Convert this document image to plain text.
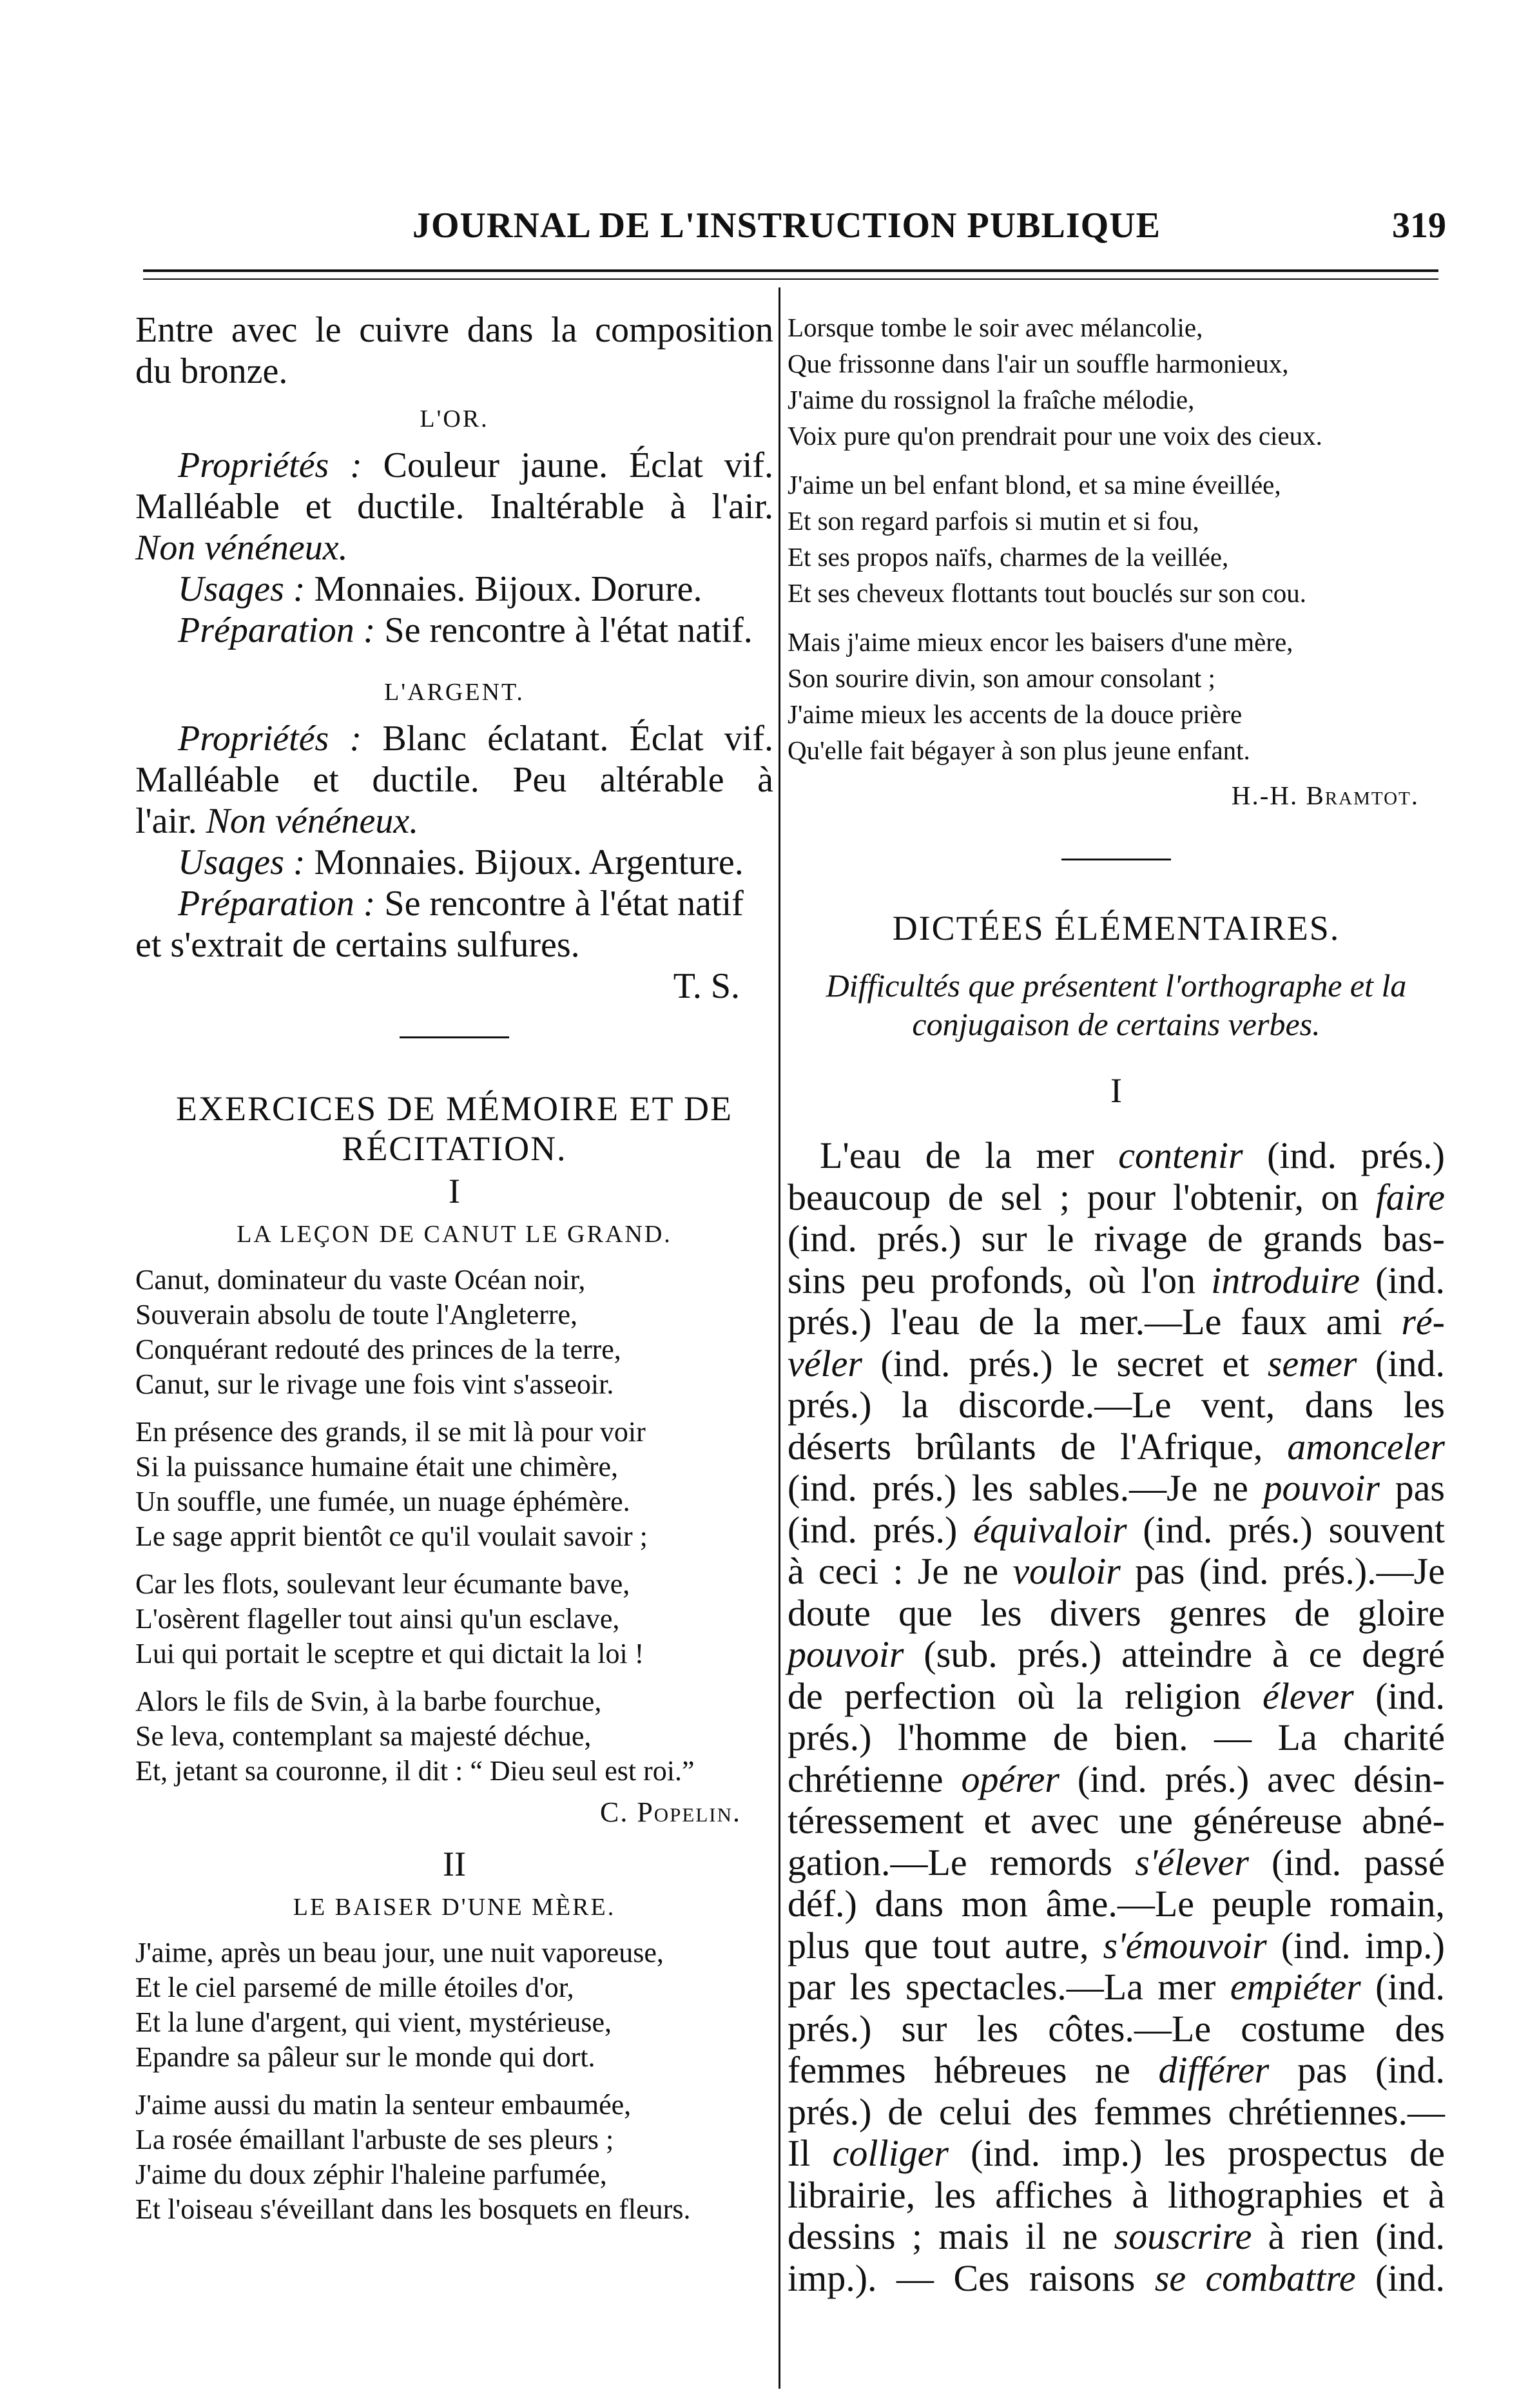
JOURNAL DE L'INSTRUCTION PUBLIQUE	319
Entre avec le cuivre dans la composition
du bronze.
L'OR.
Propriétés : Couleur jaune. Éclat vif.
Malléable et ductile. Inaltérable à l'air.
Non vénéneux.
Usages : Monnaies. Bijoux. Dorure.
Préparation : Se rencontre à l'état natif.
L'ARGENT.
Propriétés : Blanc éclatant. Éclat vif.
Malléable et ductile. Peu altérable à
l'air. Non vénéneux.
Usages : Monnaies. Bijoux. Argenture.
Préparation : Se rencontre à l'état natif
et s'extrait de certains sulfures.
T. S.
EXERCICES DE MÉMOIRE ET DE
RÉCITATION.
I
LA LEÇON DE CANUT LE GRAND.
Canut, dominateur du vaste Océan noir,
Souverain absolu de toute l'Angleterre,
Conquérant redouté des princes de la terre,
Canut, sur le rivage une fois vint s'asseoir.
En présence des grands, il se mit là pour voir
Si la puissance humaine était une chimère,
Un souffle, une fumée, un nuage éphémère.
Le sage apprit bientôt ce qu'il voulait savoir ;
Car les flots, soulevant leur écumante bave,
L'osèrent flageller tout ainsi qu'un esclave,
Lui qui portait le sceptre et qui dictait la loi !
Alors le fils de Svin, à la barbe fourchue,
Se leva, contemplant sa majesté déchue,
Et, jetant sa couronne, il dit : “ Dieu seul est roi.”
C. Popelin.
II
LE BAISER D'UNE MÈRE.
J'aime, après un beau jour, une nuit vaporeuse,
Et le ciel parsemé de mille étoiles d'or,
Et la lune d'argent, qui vient, mystérieuse,
Epandre sa pâleur sur le monde qui dort.
J'aime aussi du matin la senteur embaumée,
La rosée émaillant l'arbuste de ses pleurs ;
J'aime du doux zéphir l'haleine parfumée,
Et l'oiseau s'éveillant dans les bosquets en fleurs.
Lorsque tombe le soir avec mélancolie,
Que frissonne dans l'air un souffle harmonieux,
J'aime du rossignol la fraîche mélodie,
Voix pure qu'on prendrait pour une voix des cieux.
J'aime un bel enfant blond, et sa mine éveillée,
Et son regard parfois si mutin et si fou,
Et ses propos naïfs, charmes de la veillée,
Et ses cheveux flottants tout bouclés sur son cou.
Mais j'aime mieux encor les baisers d'une mère,
Son sourire divin, son amour consolant ;
J'aime mieux les accents de la douce prière
Qu'elle fait bégayer à son plus jeune enfant.
H.-H. Bramtot.
DICTÉES ÉLÉMENTAIRES.
Difficultés que présentent l'orthographe et la
conjugaison de certains verbes.
I
L'eau de la mer contenir (ind. prés.)
beaucoup de sel ; pour l'obtenir, on faire
(ind. prés.) sur le rivage de grands bas-
sins peu profonds, où l'on introduire (ind.
prés.) l'eau de la mer.—Le faux ami ré-
véler (ind. prés.) le secret et semer (ind.
prés.) la discorde.—Le vent, dans les
déserts brûlants de l'Afrique, amonceler
(ind. prés.) les sables.—Je ne pouvoir pas
(ind. prés.) équivaloir (ind. prés.) souvent
à ceci : Je ne vouloir pas (ind. prés.).—Je
doute que les divers genres de gloire
pouvoir (sub. prés.) atteindre à ce degré
de perfection où la religion élever (ind.
prés.) l'homme de bien. — La charité
chrétienne opérer (ind. prés.) avec désin-
téressement et avec une généreuse abné-
gation.—Le remords s'élever (ind. passé
déf.) dans mon âme.—Le peuple romain,
plus que tout autre, s'émouvoir (ind. imp.)
par les spectacles.—La mer empiéter (ind.
prés.) sur les côtes.—Le costume des
femmes hébreues ne différer pas (ind.
prés.) de celui des femmes chrétiennes.—
Il colliger (ind. imp.) les prospectus de
librairie, les affiches à lithographies et à
dessins ; mais il ne souscrire à rien (ind.
imp.). — Ces raisons se combattre (ind.
